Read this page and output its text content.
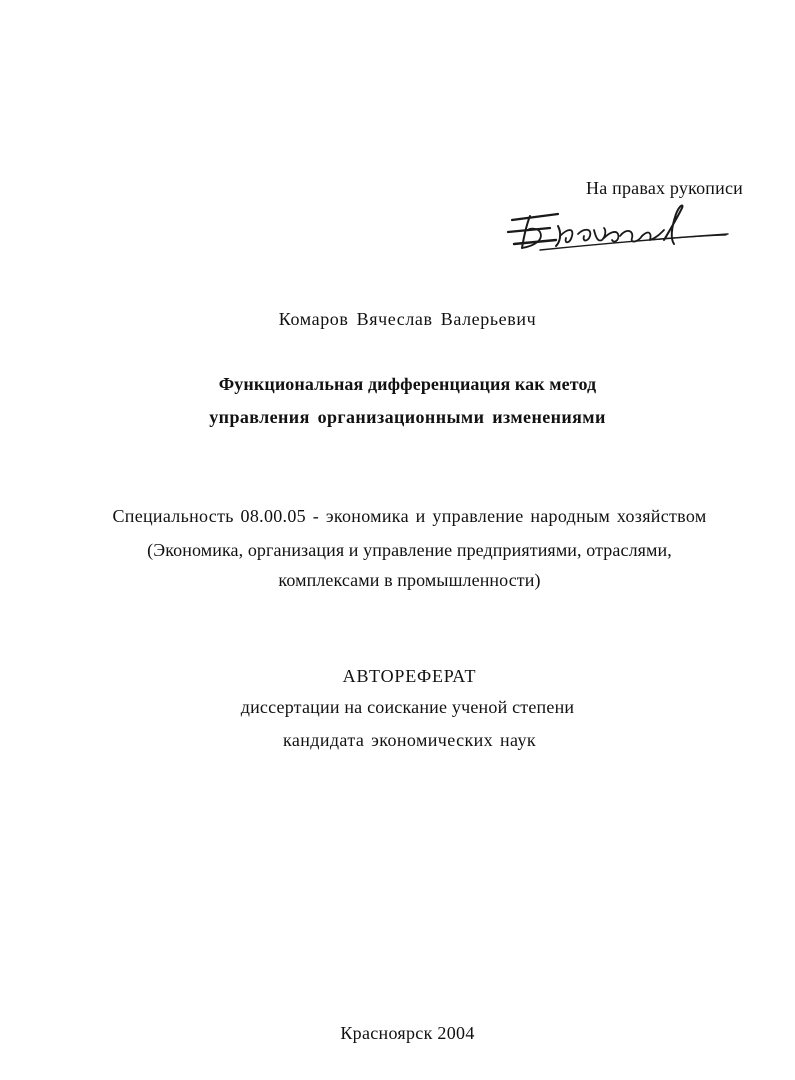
На правах рукописи
Комаров Вячеслав Валерьевич
Функциональная дифференциация как метод
управления организационными изменениями
Специальность 08.00.05 - экономика и управление народным хозяйством
(Экономика, организация и управление предприятиями, отраслями,
комплексами в промышленности)
АВТОРЕФЕРАТ
диссертации на соискание ученой степени
кандидата экономических наук
Красноярск 2004
